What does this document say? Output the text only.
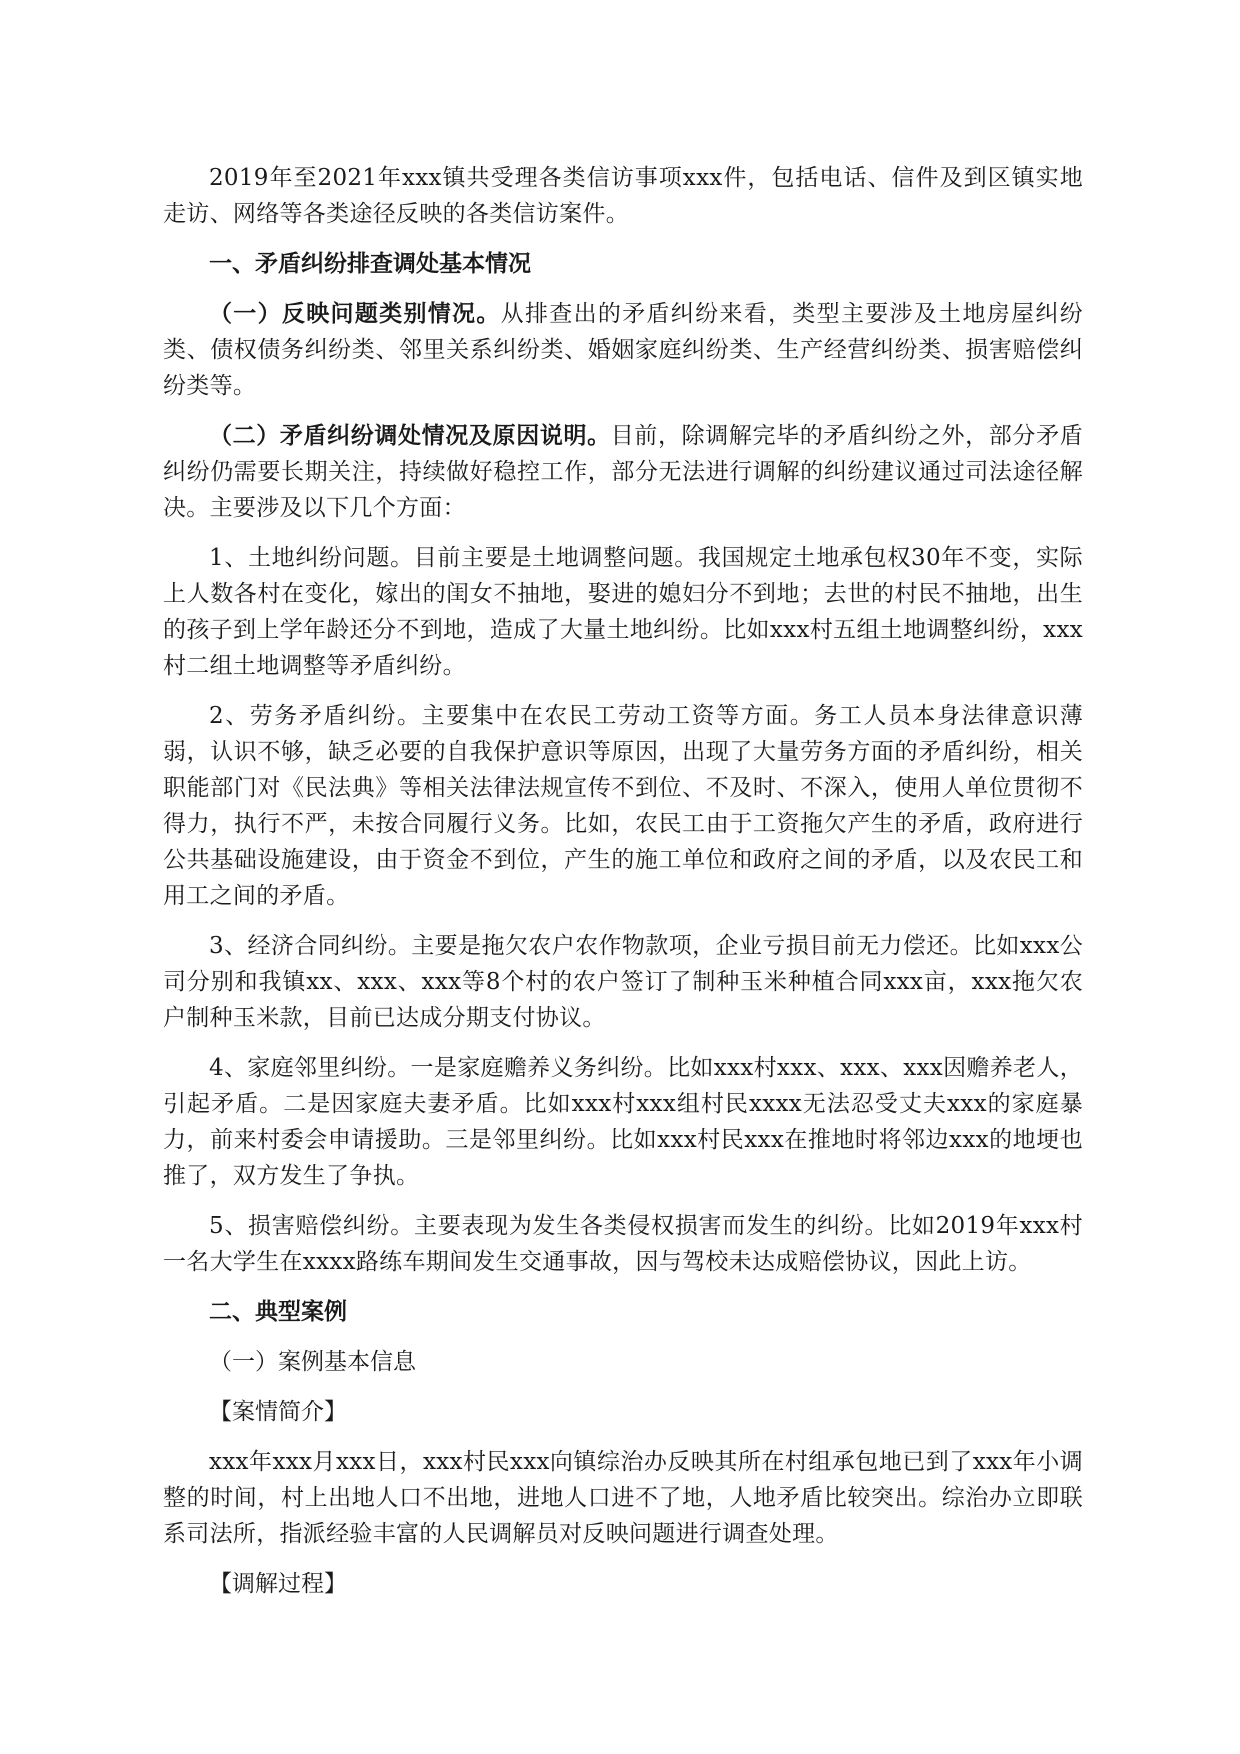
2019年至2021年xxx镇共受理各类信访事项xxx件，包括电话、信件及到区镇实地走访、网络等各类途径反映的各类信访案件。

一、矛盾纠纷排查调处基本情况

（一）反映问题类别情况。从排查出的矛盾纠纷来看，类型主要涉及土地房屋纠纷类、债权债务纠纷类、邻里关系纠纷类、婚姻家庭纠纷类、生产经营纠纷类、损害赔偿纠纷类等。

（二）矛盾纠纷调处情况及原因说明。目前，除调解完毕的矛盾纠纷之外，部分矛盾纠纷仍需要长期关注，持续做好稳控工作，部分无法进行调解的纠纷建议通过司法途径解决。主要涉及以下几个方面：

1、土地纠纷问题。目前主要是土地调整问题。我国规定土地承包权30年不变，实际上人数各村在变化，嫁出的闺女不抽地，娶进的媳妇分不到地；去世的村民不抽地，出生的孩子到上学年龄还分不到地，造成了大量土地纠纷。比如xxx村五组土地调整纠纷，xxx村二组土地调整等矛盾纠纷。

2、劳务矛盾纠纷。主要集中在农民工劳动工资等方面。务工人员本身法律意识薄弱，认识不够，缺乏必要的自我保护意识等原因，出现了大量劳务方面的矛盾纠纷，相关职能部门对《民法典》等相关法律法规宣传不到位、不及时、不深入，使用人单位贯彻不得力，执行不严，未按合同履行义务。比如，农民工由于工资拖欠产生的矛盾，政府进行公共基础设施建设，由于资金不到位，产生的施工单位和政府之间的矛盾，以及农民工和用工之间的矛盾。

3、经济合同纠纷。主要是拖欠农户农作物款项，企业亏损目前无力偿还。比如xxx公司分别和我镇xx、xxx、xxx等8个村的农户签订了制种玉米种植合同xxx亩，xxx拖欠农户制种玉米款，目前已达成分期支付协议。

4、家庭邻里纠纷。一是家庭赡养义务纠纷。比如xxx村xxx、xxx、xxx因赡养老人，引起矛盾。二是因家庭夫妻矛盾。比如xxx村xxx组村民xxxx无法忍受丈夫xxx的家庭暴力，前来村委会申请援助。三是邻里纠纷。比如xxx村民xxx在推地时将邻边xxx的地埂也推了，双方发生了争执。

5、损害赔偿纠纷。主要表现为发生各类侵权损害而发生的纠纷。比如2019年xxx村一名大学生在xxxx路练车期间发生交通事故，因与驾校未达成赔偿协议，因此上访。

二、典型案例

（一）案例基本信息

【案情简介】

xxx年xxx月xxx日，xxx村民xxx向镇综治办反映其所在村组承包地已到了xxx年小调整的时间，村上出地人口不出地，进地人口进不了地，人地矛盾比较突出。综治办立即联系司法所，指派经验丰富的人民调解员对反映问题进行调查处理。

【调解过程】
